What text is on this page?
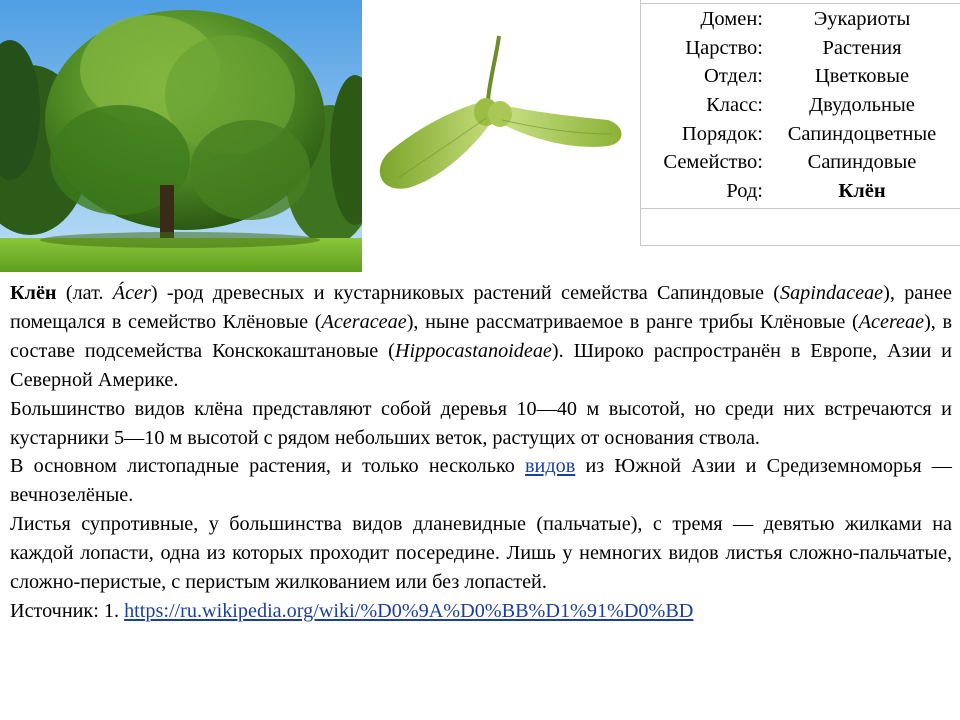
Домен:	Эукариоты
Царство:	Растения
Отдел:	Цветковые
Класс:	Двудольные
Порядок:	Сапиндоцветные
Семейство:	Сапиндовые
Род:	Клён

Клён (лат. Ácer) -род древесных и кустарниковых растений семейства Сапиндовые (Sapindaceae), ранее помещался в семейство Клёновые (Aceraceae), ныне рассматриваемое в ранге трибы Клёновые (Acereae), в составе подсемейства Конскокаштановые (Hippocastanoideae). Широко распространён в Европе, Азии и Северной Америке.

Большинство видов клёна представляют собой деревья 10—40 м высотой, но среди них встречаются и кустарники 5—10 м высотой с рядом небольших веток, растущих от основания ствола.

В основном листопадные растения, и только несколько видов из Южной Азии и Средиземноморья — вечнозелёные.

Листья супротивные, у большинства видов дланевидные (пальчатые), с тремя — девятью жилками на каждой лопасти, одна из которых проходит посередине. Лишь у немногих видов листья сложно-пальчатые, сложно-перистые, с перистым жилкованием или без лопастей.

Источник: 1. https://ru.wikipedia.org/wiki/%D0%9A%D0%BB%D1%91%D0%BD
